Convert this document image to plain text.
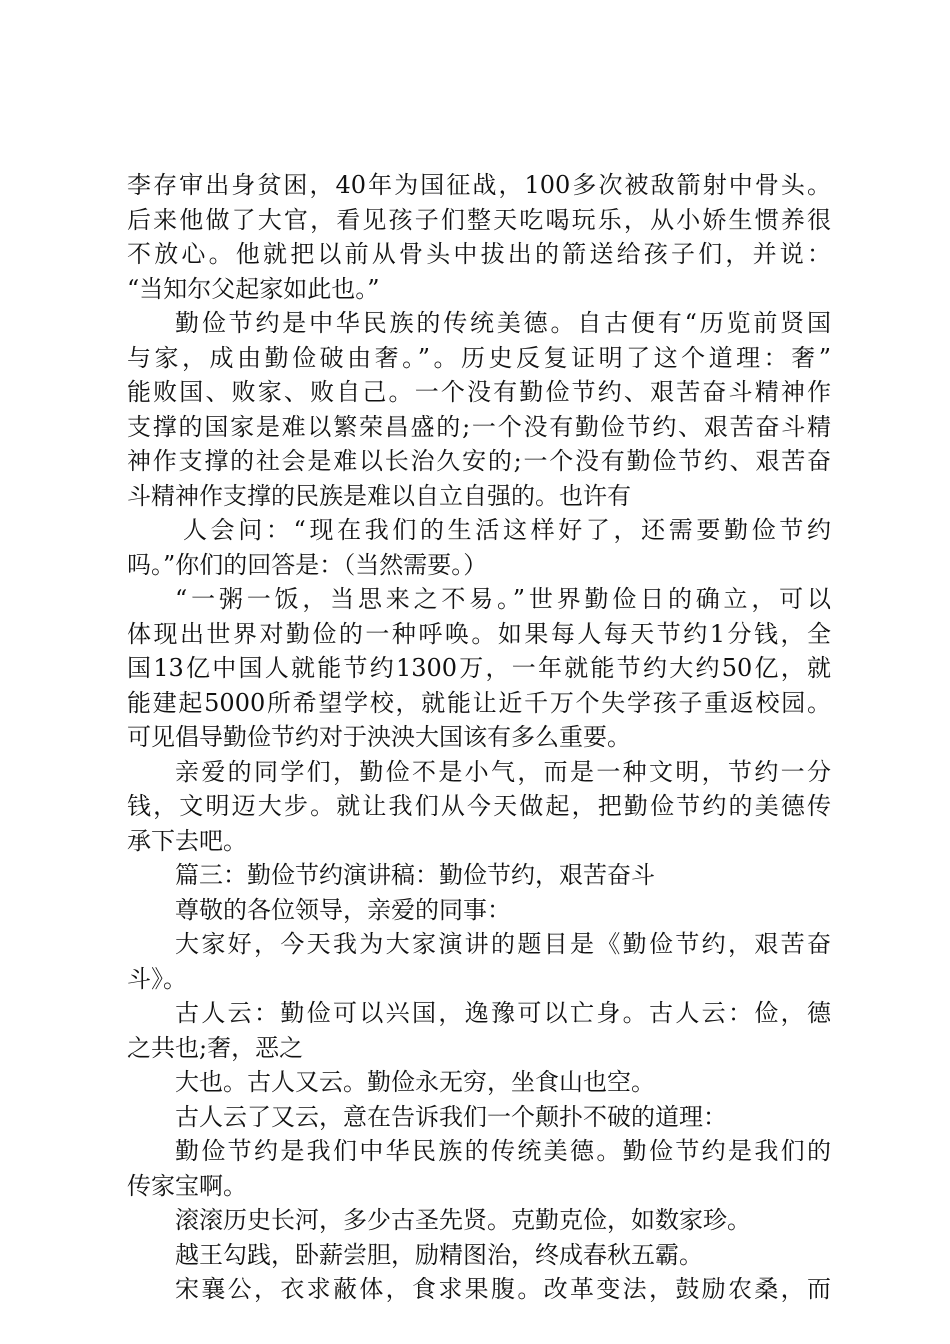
李存审出身贫困，40年为国征战，100多次被敌箭射中骨头。
后来他做了大官，看见孩子们整天吃喝玩乐，从小娇生惯养很
不放心。他就把以前从骨头中拔出的箭送给孩子们，并说：
“当知尔父起家如此也。”
勤俭节约是中华民族的传统美德。自古便有“历览前贤国
与家，成由勤俭破由奢。”。历史反复证明了这个道理：奢”
能败国、败家、败自己。一个没有勤俭节约、艰苦奋斗精神作
支撑的国家是难以繁荣昌盛的;一个没有勤俭节约、艰苦奋斗精
神作支撑的社会是难以长治久安的;一个没有勤俭节约、艰苦奋
斗精神作支撑的民族是难以自立自强的。也许有
人会问：“现在我们的生活这样好了，还需要勤俭节约
吗。”你们的回答是：（当然需要。）
“一粥一饭，当思来之不易。”世界勤俭日的确立，可以
体现出世界对勤俭的一种呼唤。如果每人每天节约1分钱，全
国13亿中国人就能节约1300万，一年就能节约大约50亿，就
能建起5000所希望学校，就能让近千万个失学孩子重返校园。
可见倡导勤俭节约对于泱泱大国该有多么重要。
亲爱的同学们，勤俭不是小气，而是一种文明，节约一分
钱，文明迈大步。就让我们从今天做起，把勤俭节约的美德传
承下去吧。
篇三：勤俭节约演讲稿：勤俭节约，艰苦奋斗
尊敬的各位领导，亲爱的同事：
大家好，今天我为大家演讲的题目是《勤俭节约，艰苦奋
斗》。
古人云：勤俭可以兴国，逸豫可以亡身。古人云：俭，德
之共也;奢，恶之
大也。古人又云。勤俭永无穷，坐食山也空。
古人云了又云，意在告诉我们一个颠扑不破的道理：
勤俭节约是我们中华民族的传统美德。勤俭节约是我们的
传家宝啊。
滚滚历史长河，多少古圣先贤。克勤克俭，如数家珍。
越王勾践，卧薪尝胆，励精图治，终成春秋五霸。
宋襄公，衣求蔽体，食求果腹。改革变法，鼓励农桑，而
